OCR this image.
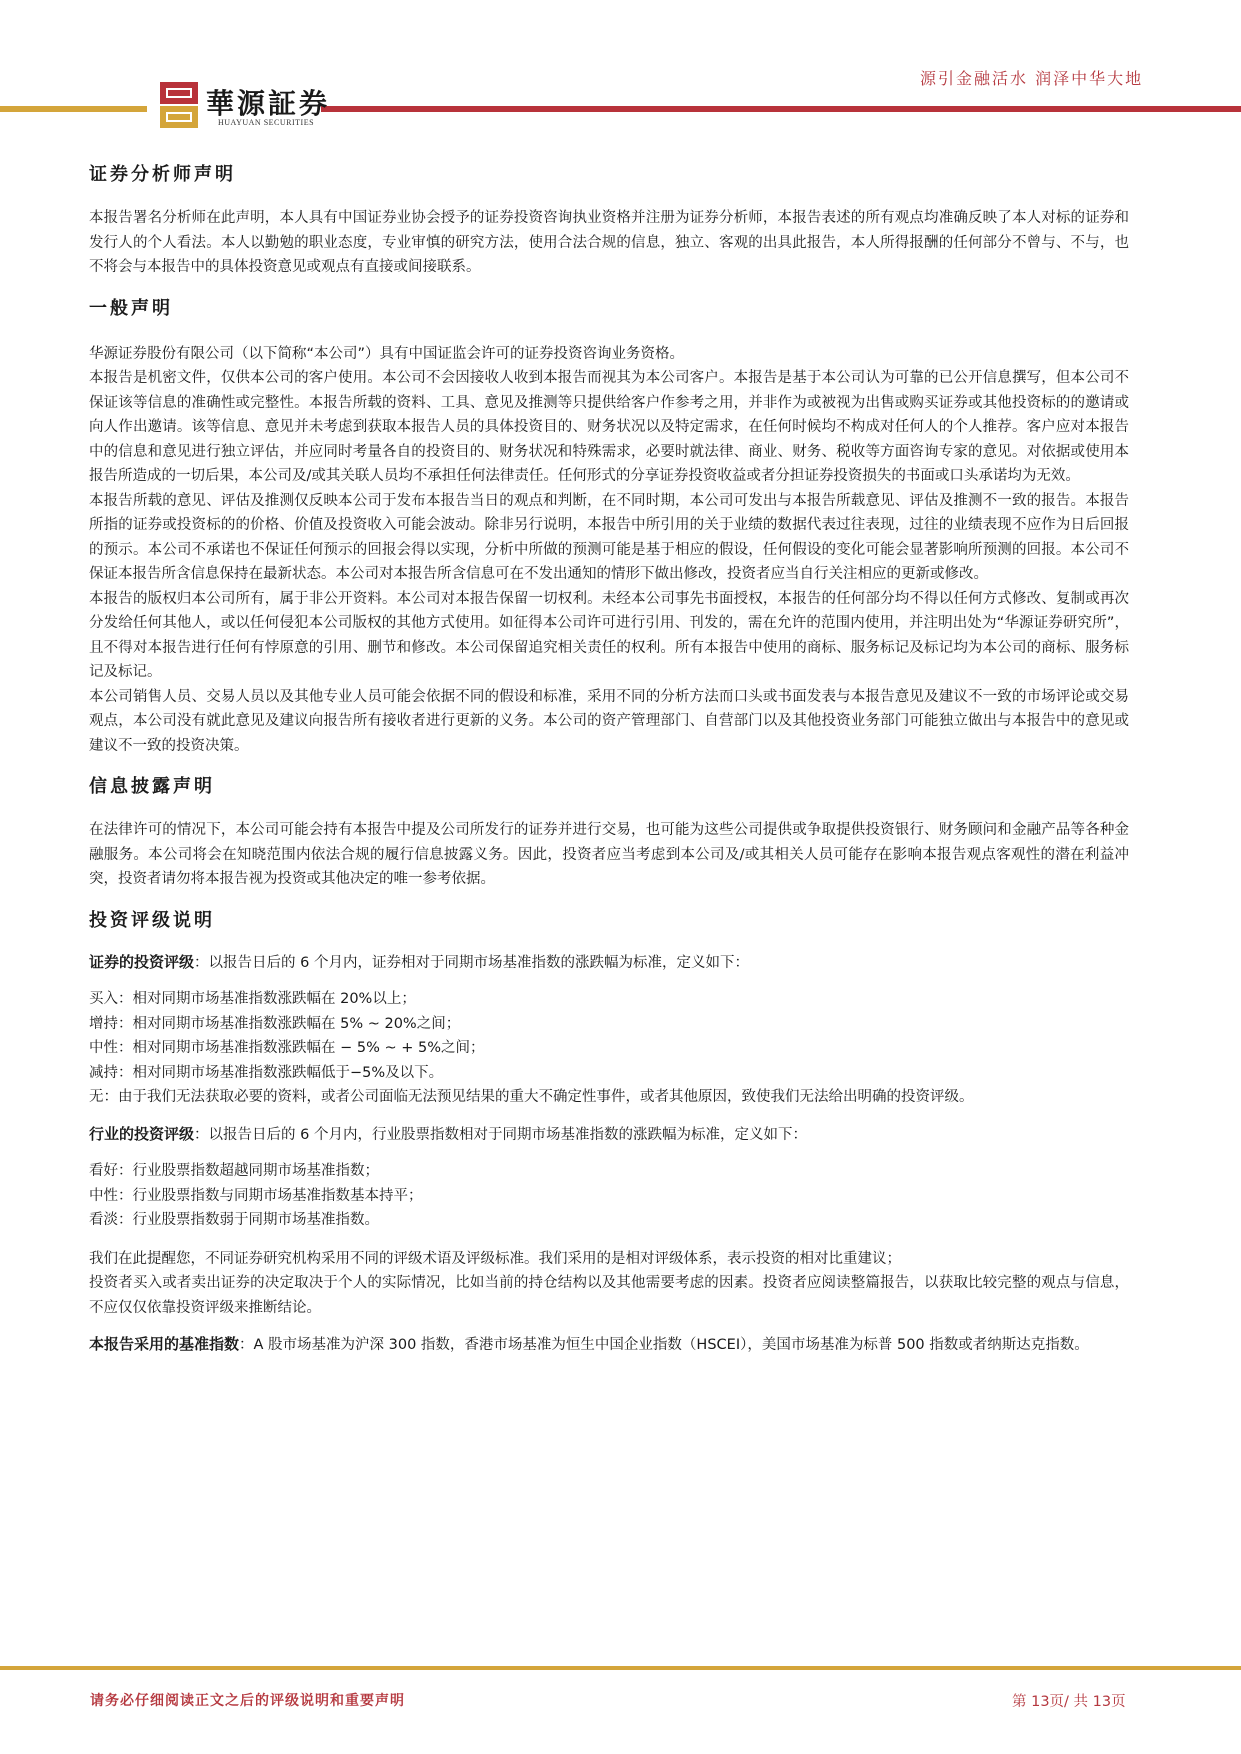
源引金融活水 润泽中华大地
華源証券
HUAYUAN SECURITIES
证券分析师声明

本报告署名分析师在此声明，本人具有中国证券业协会授予的证券投资咨询执业资格并注册为证券分析师，本报告表述的所有观点均准确反映了本人对标的证券和发行人的个人看法。本人以勤勉的职业态度，专业审慎的研究方法，使用合法合规的信息，独立、客观的出具此报告，本人所得报酬的任何部分不曾与、不与，也不将会与本报告中的具体投资意见或观点有直接或间接联系。

一般声明

华源证券股份有限公司（以下简称“本公司”）具有中国证监会许可的证券投资咨询业务资格。

本报告是机密文件，仅供本公司的客户使用。本公司不会因接收人收到本报告而视其为本公司客户。本报告是基于本公司认为可靠的已公开信息撰写，但本公司不保证该等信息的准确性或完整性。本报告所载的资料、工具、意见及推测等只提供给客户作参考之用，并非作为或被视为出售或购买证券或其他投资标的的邀请或向人作出邀请。该等信息、意见并未考虑到获取本报告人员的具体投资目的、财务状况以及特定需求，在任何时候均不构成对任何人的个人推荐。客户应对本报告中的信息和意见进行独立评估，并应同时考量各自的投资目的、财务状况和特殊需求，必要时就法律、商业、财务、税收等方面咨询专家的意见。对依据或使用本报告所造成的一切后果，本公司及/或其关联人员均不承担任何法律责任。任何形式的分享证券投资收益或者分担证券投资损失的书面或口头承诺均为无效。

本报告所载的意见、评估及推测仅反映本公司于发布本报告当日的观点和判断，在不同时期，本公司可发出与本报告所载意见、评估及推测不一致的报告。本报告所指的证券或投资标的的价格、价值及投资收入可能会波动。除非另行说明，本报告中所引用的关于业绩的数据代表过往表现，过往的业绩表现不应作为日后回报的预示。本公司不承诺也不保证任何预示的回报会得以实现，分析中所做的预测可能是基于相应的假设，任何假设的变化可能会显著影响所预测的回报。本公司不保证本报告所含信息保持在最新状态。本公司对本报告所含信息可在不发出通知的情形下做出修改，投资者应当自行关注相应的更新或修改。

本报告的版权归本公司所有，属于非公开资料。本公司对本报告保留一切权利。未经本公司事先书面授权，本报告的任何部分均不得以任何方式修改、复制或再次分发给任何其他人，或以任何侵犯本公司版权的其他方式使用。如征得本公司许可进行引用、刊发的，需在允许的范围内使用，并注明出处为“华源证券研究所”，且不得对本报告进行任何有悖原意的引用、删节和修改。本公司保留追究相关责任的权利。所有本报告中使用的商标、服务标记及标记均为本公司的商标、服务标记及标记。

本公司销售人员、交易人员以及其他专业人员可能会依据不同的假设和标准，采用不同的分析方法而口头或书面发表与本报告意见及建议不一致的市场评论或交易观点，本公司没有就此意见及建议向报告所有接收者进行更新的义务。本公司的资产管理部门、自营部门以及其他投资业务部门可能独立做出与本报告中的意见或建议不一致的投资决策。

信息披露声明

在法律许可的情况下，本公司可能会持有本报告中提及公司所发行的证券并进行交易，也可能为这些公司提供或争取提供投资银行、财务顾问和金融产品等各种金融服务。本公司将会在知晓范围内依法合规的履行信息披露义务。因此，投资者应当考虑到本公司及/或其相关人员可能存在影响本报告观点客观性的潜在利益冲突，投资者请勿将本报告视为投资或其他决定的唯一参考依据。

投资评级说明

证券的投资评级：以报告日后的 6 个月内，证券相对于同期市场基准指数的涨跌幅为标准，定义如下：

买入：相对同期市场基准指数涨跌幅在 20%以上；

增持：相对同期市场基准指数涨跌幅在 5% ~ 20%之间；

中性：相对同期市场基准指数涨跌幅在 − 5% ~ + 5%之间；

减持：相对同期市场基准指数涨跌幅低于−5%及以下。

无：由于我们无法获取必要的资料，或者公司面临无法预见结果的重大不确定性事件，或者其他原因，致使我们无法给出明确的投资评级。

行业的投资评级：以报告日后的 6 个月内，行业股票指数相对于同期市场基准指数的涨跌幅为标准，定义如下：

看好：行业股票指数超越同期市场基准指数；

中性：行业股票指数与同期市场基准指数基本持平；

看淡：行业股票指数弱于同期市场基准指数。

我们在此提醒您，不同证券研究机构采用不同的评级术语及评级标准。我们采用的是相对评级体系，表示投资的相对比重建议；

投资者买入或者卖出证券的决定取决于个人的实际情况，比如当前的持仓结构以及其他需要考虑的因素。投资者应阅读整篇报告，以获取比较完整的观点与信息，不应仅仅依靠投资评级来推断结论。

本报告采用的基准指数：A 股市场基准为沪深 300 指数，香港市场基准为恒生中国企业指数（HSCEI），美国市场基准为标普 500 指数或者纳斯达克指数。

请务必仔细阅读正文之后的评级说明和重要声明	第 13页/ 共 13页
